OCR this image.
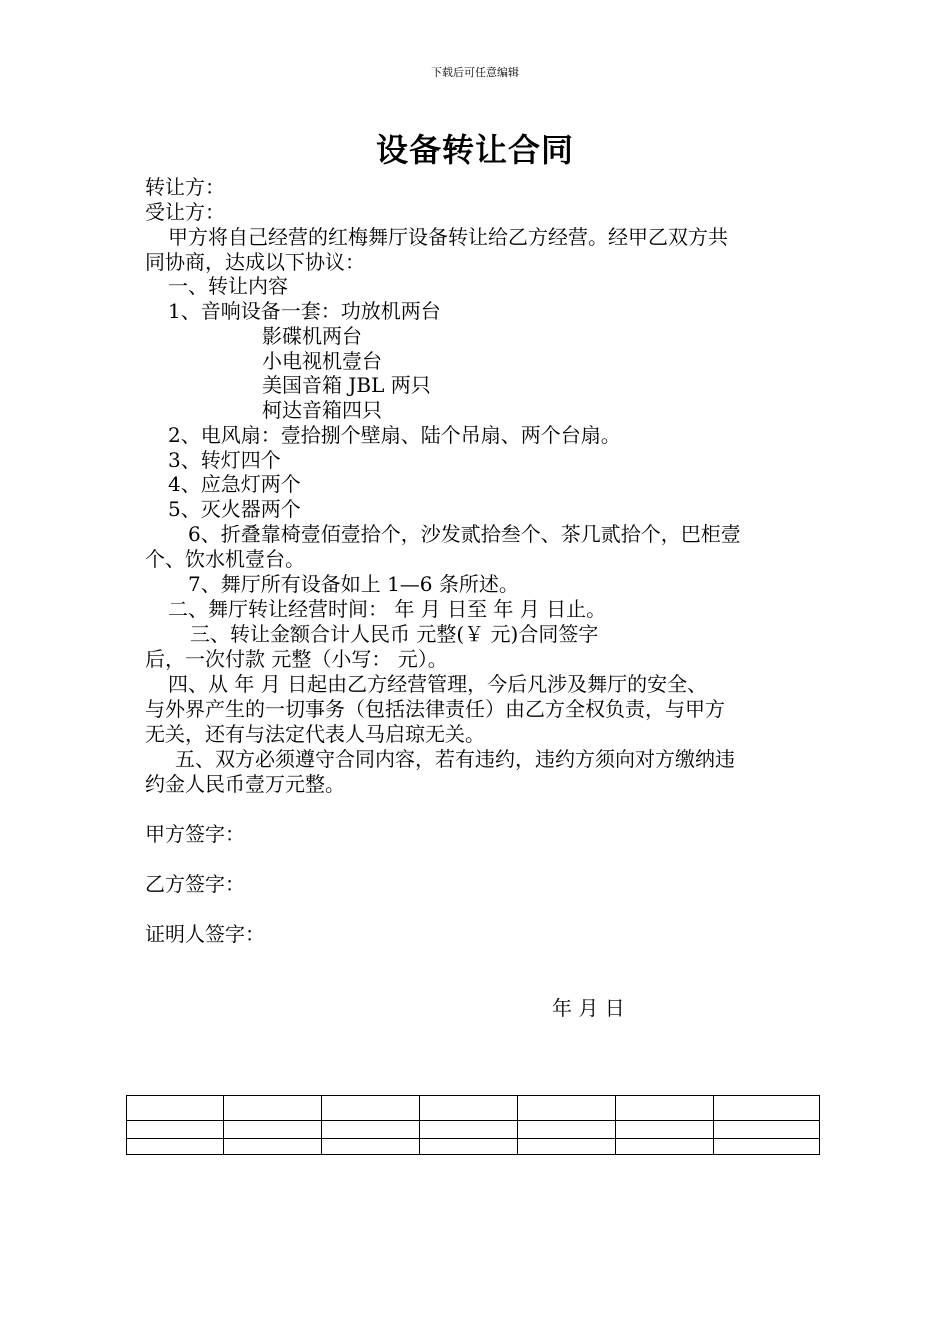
下载后可任意编辑
设备转让合同
转让方：
受让方：
甲方将自己经营的红梅舞厅设备转让给乙方经营。经甲乙双方共
同协商，达成以下协议：
一、转让内容
1、音响设备一套：功放机两台
影碟机两台
小电视机壹台
美国音箱 JBL 两只
柯达音箱四只
2、电风扇：壹拾捌个壁扇、陆个吊扇、两个台扇。
3、转灯四个
4、应急灯两个
5、灭火器两个
6、折叠靠椅壹佰壹拾个，沙发贰拾叁个、茶几贰拾个，巴柜壹
个、饮水机壹台。
7、舞厅所有设备如上 1—6 条所述。
二、舞厅转让经营时间： 年 月 日至 年 月 日止。
三、转让金额合计人民币 元整(￥ 元)合同签字
后，一次付款 元整（小写： 元）。
四、从 年 月 日起由乙方经营管理，今后凡涉及舞厅的安全、
与外界产生的一切事务（包括法律责任）由乙方全权负责，与甲方
无关，还有与法定代表人马启琼无关。
五、双方必须遵守合同内容，若有违约，违约方须向对方缴纳违
约金人民币壹万元整。
甲方签字：
乙方签字：
证明人签字：
年 月 日
